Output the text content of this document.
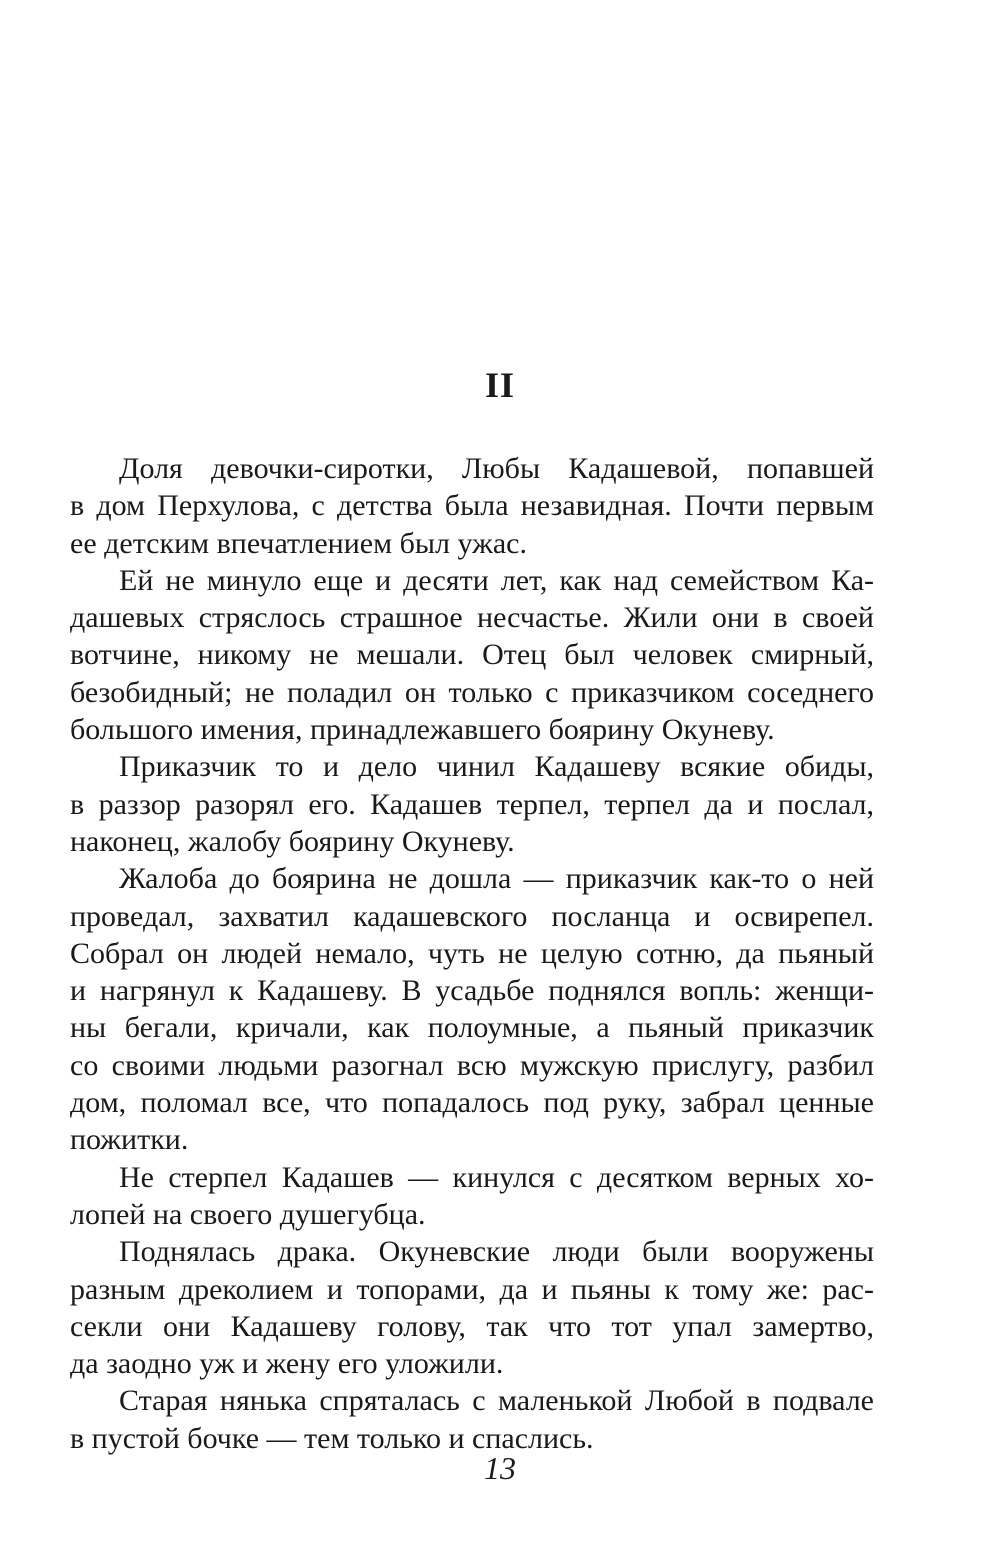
II
Доля девочки-сиротки, Любы Кадашевой, попавшей
в дом Перхулова, с детства была незавидная. Почти первым
ее детским впечатлением был ужас.
Ей не минуло еще и десяти лет, как над семейством Ка-
дашевых стряслось страшное несчастье. Жили они в своей
вотчине, никому не мешали. Отец был человек смирный,
безобидный; не поладил он только с приказчиком соседнего
большого имения, принадлежавшего боярину Окуневу.
Приказчик то и дело чинил Кадашеву всякие обиды,
в раззор разорял его. Кадашев терпел, терпел да и послал,
наконец, жалобу боярину Окуневу.
Жалоба до боярина не дошла — приказчик как-то о ней
проведал, захватил кадашевского посланца и освирепел.
Собрал он людей немало, чуть не целую сотню, да пьяный
и нагрянул к Кадашеву. В усадьбе поднялся вопль: женщи-
ны бегали, кричали, как полоумные, а пьяный приказчик
со своими людьми разогнал всю мужскую прислугу, разбил
дом, поломал все, что попадалось под руку, забрал ценные
пожитки.
Не стерпел Кадашев — кинулся с десятком верных хо-
лопей на своего душегубца.
Поднялась драка. Окуневские люди были вооружены
разным дреколием и топорами, да и пьяны к тому же: рас-
секли они Кадашеву голову, так что тот упал замертво,
да заодно уж и жену его уложили.
Старая нянька спряталась с маленькой Любой в подвале
в пустой бочке — тем только и спаслись.
13
